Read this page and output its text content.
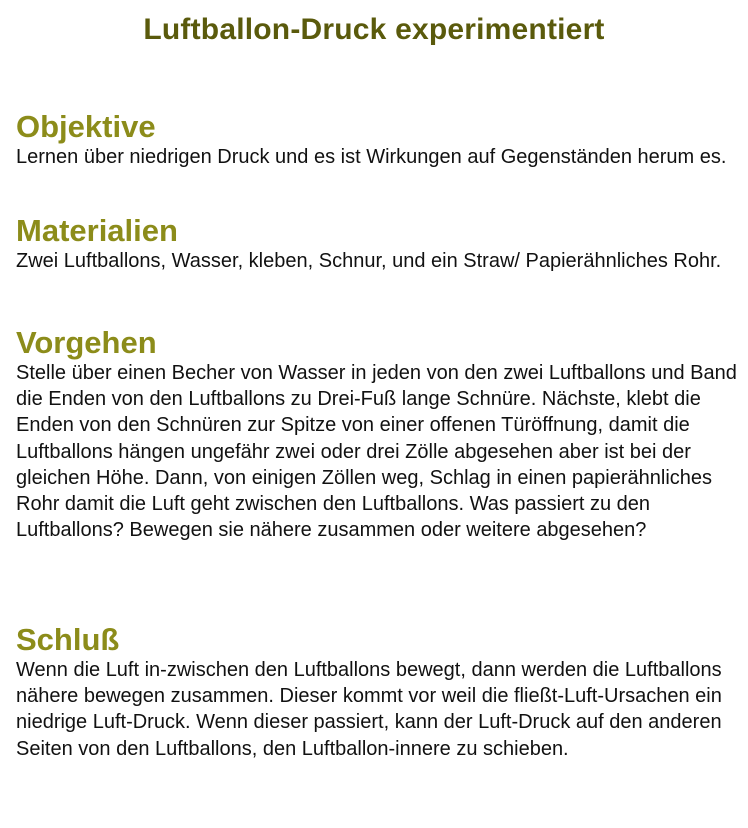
Luftballon-Druck experimentiert
Objektive

Lernen über niedrigen Druck und es ist Wirkungen auf Gegenständen herum es.

Materialien

Zwei Luftballons, Wasser, kleben, Schnur, und ein Straw/ Papierähnliches Rohr.

Vorgehen

Stelle über einen Becher von Wasser in jeden von den zwei Luftballons und Band die Enden von den Luftballons zu Drei-Fuß lange Schnüre. Nächste, klebt die Enden von den Schnüren zur Spitze von einer offenen Türöffnung, damit die Luftballons hängen ungefähr zwei oder drei Zölle abgesehen aber ist bei der gleichen Höhe. Dann, von einigen Zöllen weg, Schlag in einen papierähnliches Rohr damit die Luft geht zwischen den Luftballons. Was passiert zu den Luftballons? Bewegen sie nähere zusammen oder weitere abgesehen?

Schluß

Wenn die Luft in-zwischen den Luftballons bewegt, dann werden die Luftballons nähere bewegen zusammen. Dieser kommt vor weil die fließt-Luft-Ursachen ein niedrige Luft-Druck. Wenn dieser passiert, kann der Luft-Druck auf den anderen Seiten von den Luftballons, den Luftballon-innere zu schieben.
